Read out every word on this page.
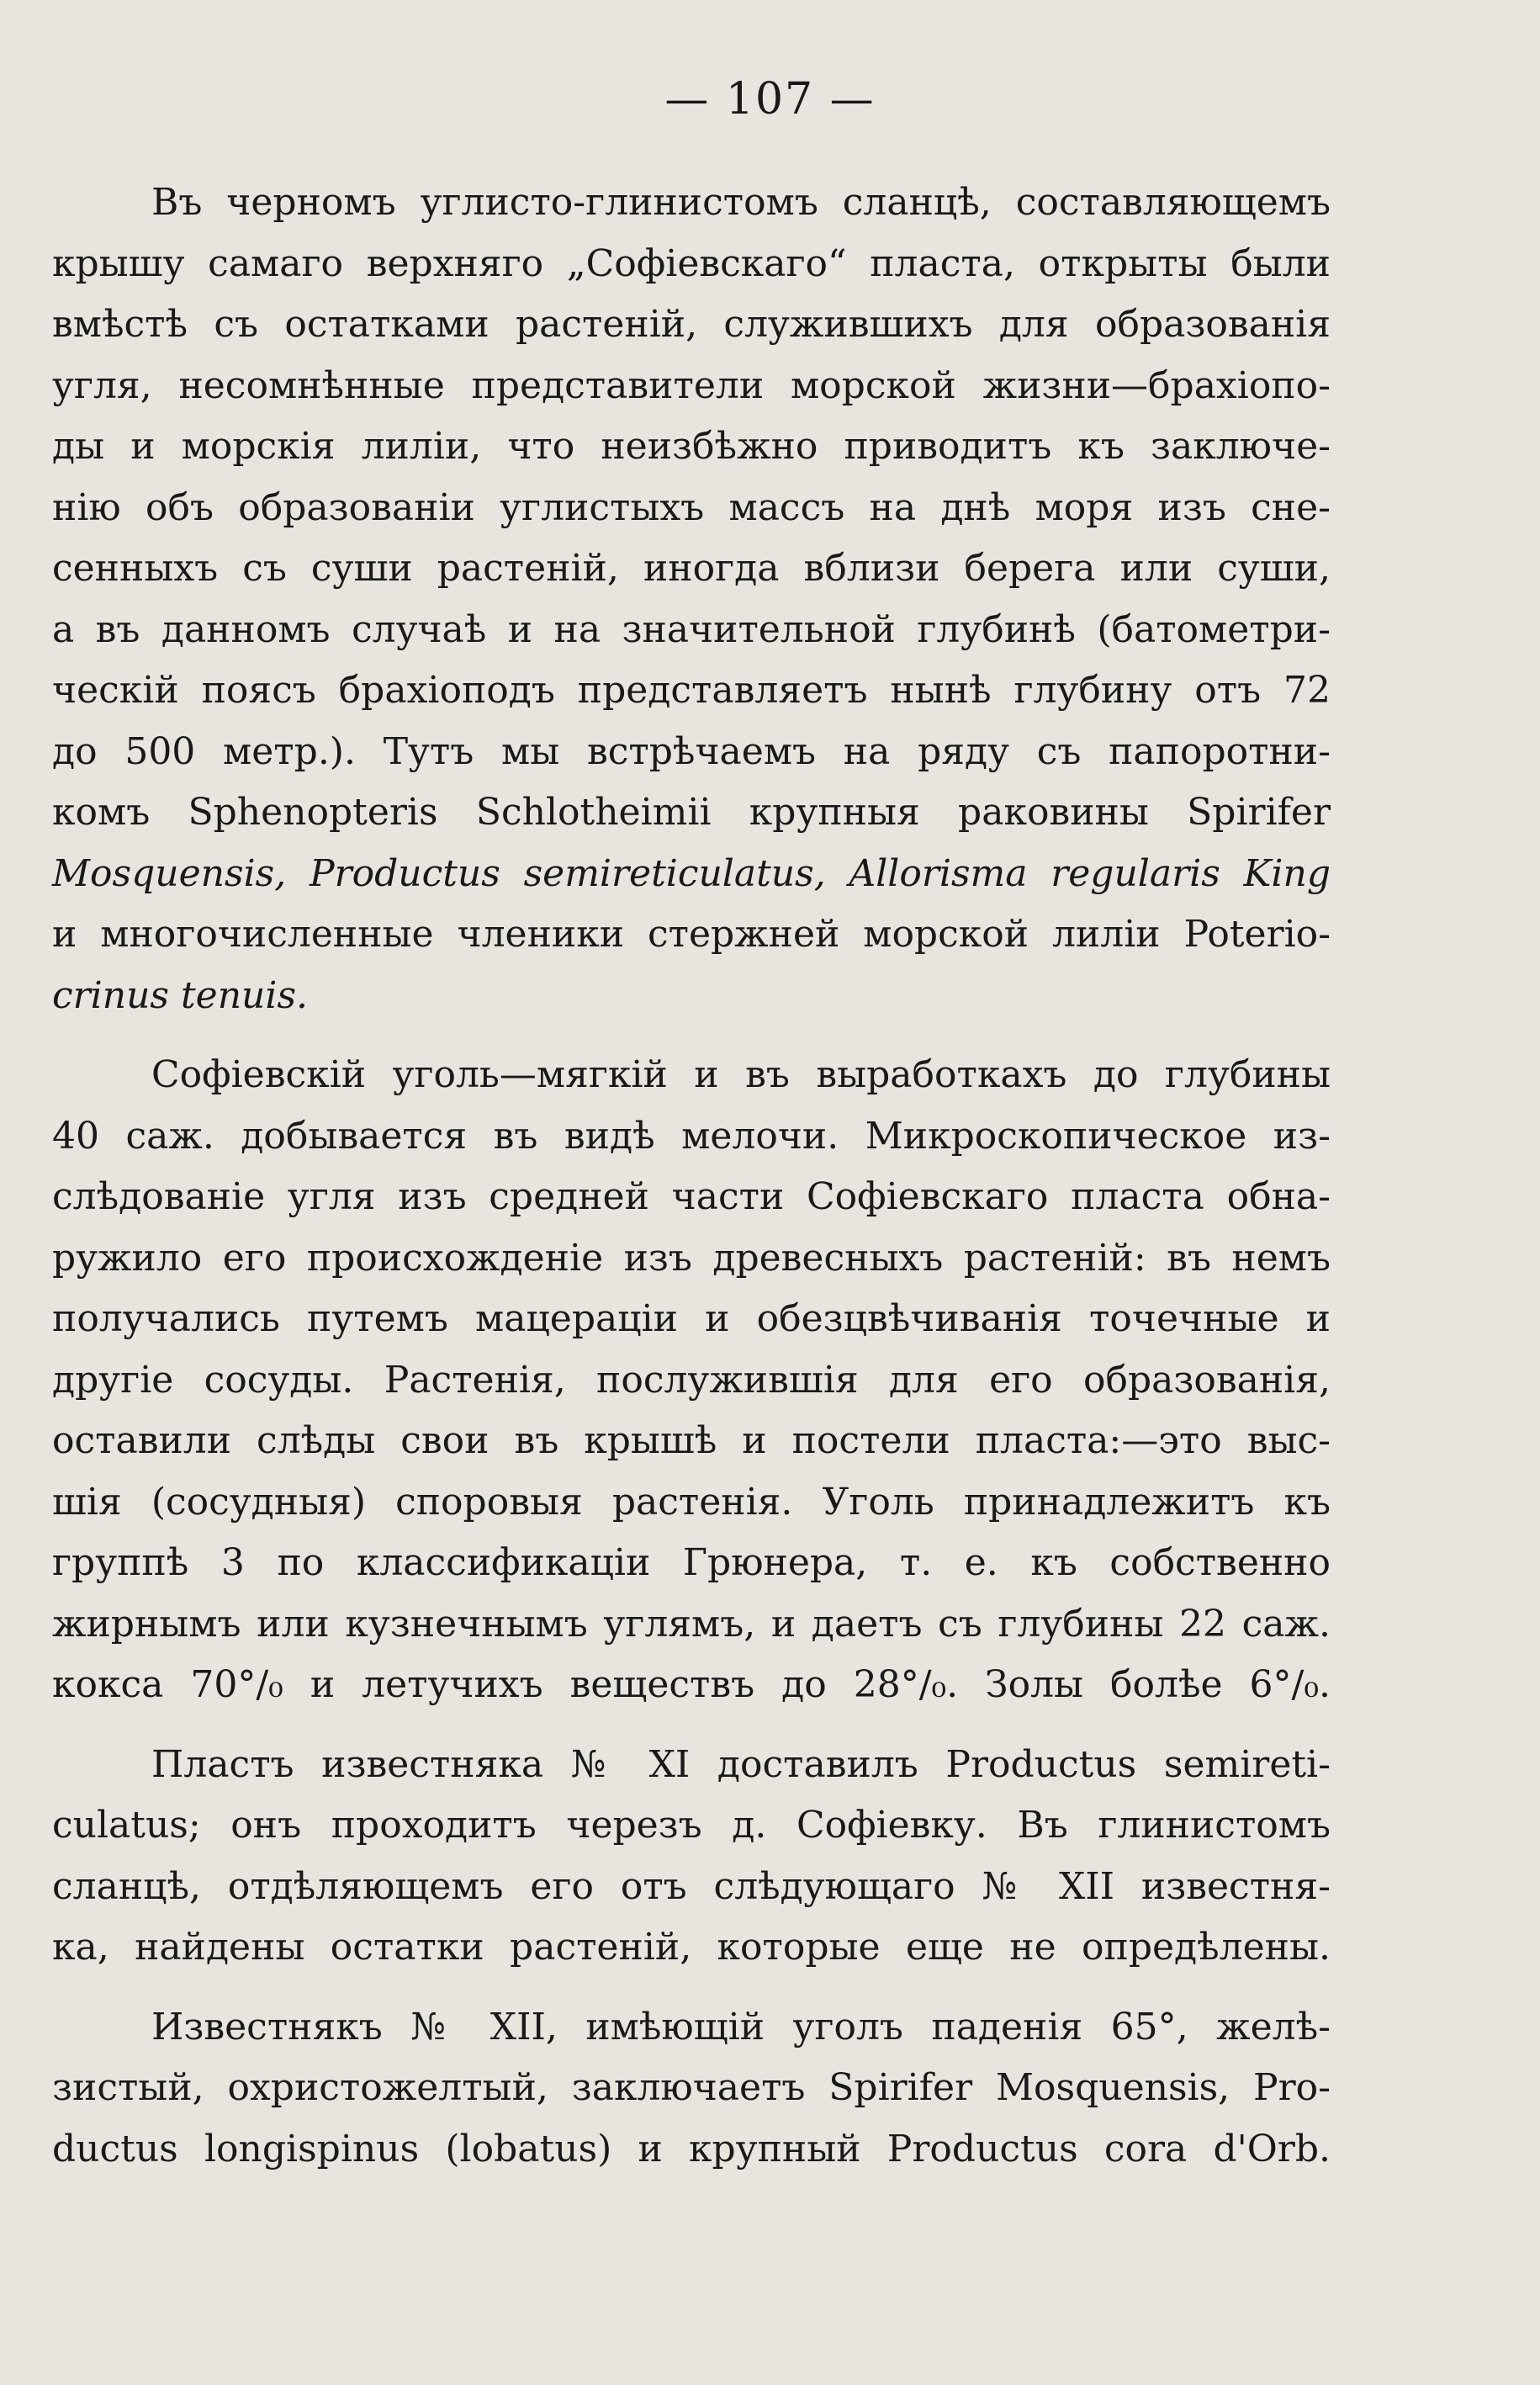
— 107 —
Въ черномъ углисто-глинистомъ сланцѣ, составляющемъ
крышу самаго верхняго „Софіевскаго“ пласта, открыты были
вмѣстѣ съ остатками растеній, служившихъ для образованія
угля, несомнѣнные представители морской жизни—брахіопо-
ды и морскія лиліи, что неизбѣжно приводитъ къ заключе-
нію объ образованіи углистыхъ массъ на днѣ моря изъ сне-
сенныхъ съ суши растеній, иногда вблизи берега или суши,
а въ данномъ случаѣ и на значительной глубинѣ (батометри-
ческій поясъ брахіоподъ представляетъ нынѣ глубину отъ 72
до 500 метр.). Тутъ мы встрѣчаемъ на ряду съ папоротни-
комъ Sphenopteris Schlotheimii крупныя раковины Spirifer
Mosquensis, Productus semireticulatus, Allorisma regularis King
и многочисленные членики стержней морской лиліи Poterio-
crinus tenuis.
Софіевскій уголь—мягкій и въ выработкахъ до глубины
40 саж. добывается въ видѣ мелочи. Микроскопическое из-
слѣдованіе угля изъ средней части Софіевскаго пласта обна-
ружило его происхожденіе изъ древесныхъ растеній: въ немъ
получались путемъ мацераціи и обезцвѣчиванія точечные и
другіе сосуды. Растенія, послужившія для его образованія,
оставили слѣды свои въ крышѣ и постели пласта:—это выс-
шія (сосудныя) споровыя растенія. Уголь принадлежитъ къ
группѣ 3 по классификаціи Грюнера, т. е. къ собственно
жирнымъ или кузнечнымъ углямъ, и даетъ съ глубины 22 саж.
кокса 70°/₀ и летучихъ веществъ до 28°/₀. Золы болѣе 6°/₀.
Пластъ известняка № XI доставилъ Productus semireti-
culatus; онъ проходитъ черезъ д. Софіевку. Въ глинистомъ
сланцѣ, отдѣляющемъ его отъ слѣдующаго № XII известня-
ка, найдены остатки растеній, которые еще не опредѣлены.
Известнякъ № XII, имѣющій уголъ паденія 65°, желѣ-
зистый, охристожелтый, заключаетъ Spirifer Mosquensis, Pro-
ductus longispinus (lobatus) и крупный Productus cora d'Orb.
